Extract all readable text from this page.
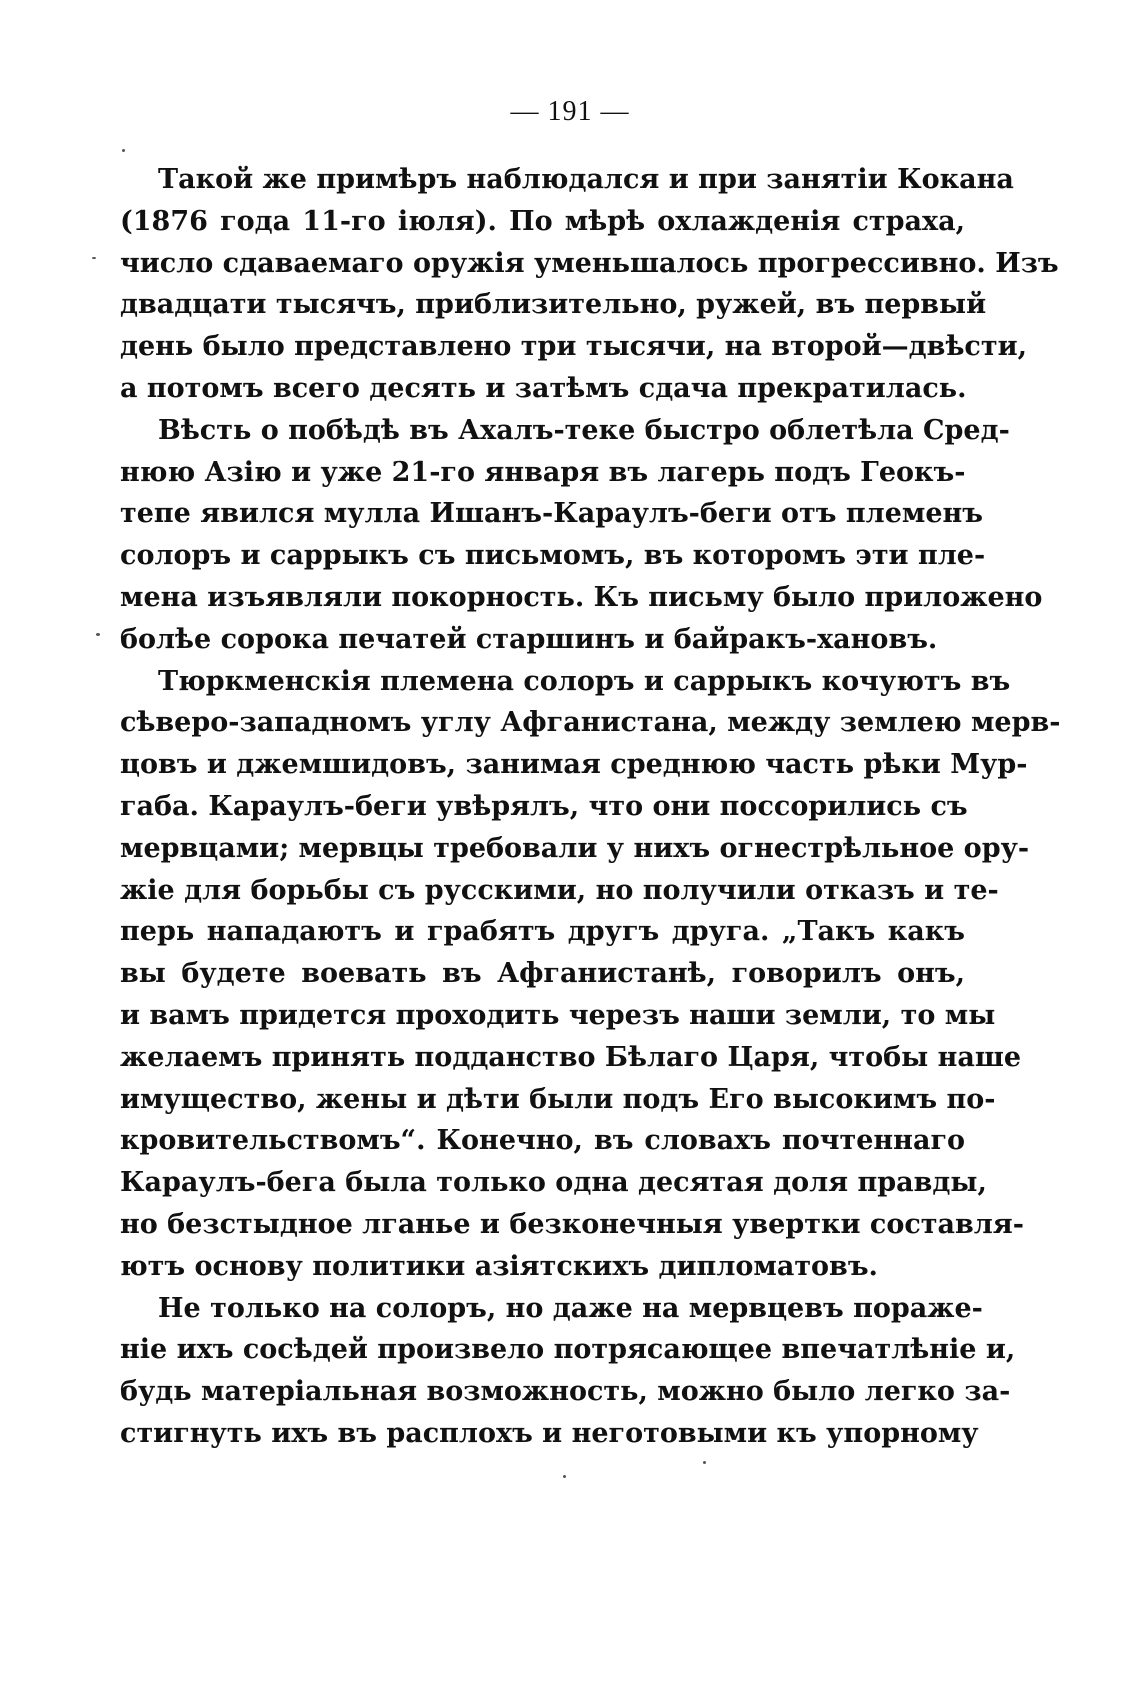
— 191 —
Такой же примѣръ наблюдался и при занятіи Кокана
(1876 года 11-го іюля). По мѣрѣ охлажденія страха,
число сдаваемаго оружія уменьшалось прогрессивно. Изъ
двадцати тысячъ, приблизительно, ружей, въ первый
день было представлено три тысячи, на второй—двѣсти,
а потомъ всего десять и затѣмъ сдача прекратилась.
Вѣсть о побѣдѣ въ Ахалъ-теке быстро облетѣла Сред-
нюю Азію и уже 21-го января въ лагерь подъ Геокъ-
тепе явился мулла Ишанъ-Караулъ-беги отъ племенъ
солоръ и саррыкъ съ письмомъ, въ которомъ эти пле-
мена изъявляли покорность. Къ письму было приложено
болѣе сорока печатей старшинъ и байракъ-хановъ.
Тюркменскія племена солоръ и саррыкъ кочуютъ въ
сѣверо-западномъ углу Афганистана, между землею мерв-
цовъ и джемшидовъ, занимая среднюю часть рѣки Мур-
габа. Караулъ-беги увѣрялъ, что они поссорились съ
мервцами; мервцы требовали у нихъ огнестрѣльное ору-
жіе для борьбы съ русскими, но получили отказъ и те-
перь нападаютъ и грабятъ другъ друга. „Такъ какъ
вы будете воевать въ Афганистанѣ, говорилъ онъ,
и вамъ придется проходить черезъ наши земли, то мы
желаемъ принять подданство Бѣлаго Царя, чтобы наше
имущество, жены и дѣти были подъ Его высокимъ по-
кровительствомъ“. Конечно, въ словахъ почтеннаго
Караулъ-бега была только одна десятая доля правды,
но безстыдное лганье и безконечныя увертки составля-
ютъ основу политики азіятскихъ дипломатовъ.
Не только на солоръ, но даже на мервцевъ пораже-
ніе ихъ сосѣдей произвело потрясающее впечатлѣніе и,
будь матеріальная возможность, можно было легко за-
стигнуть ихъ въ расплохъ и неготовыми къ упорному
